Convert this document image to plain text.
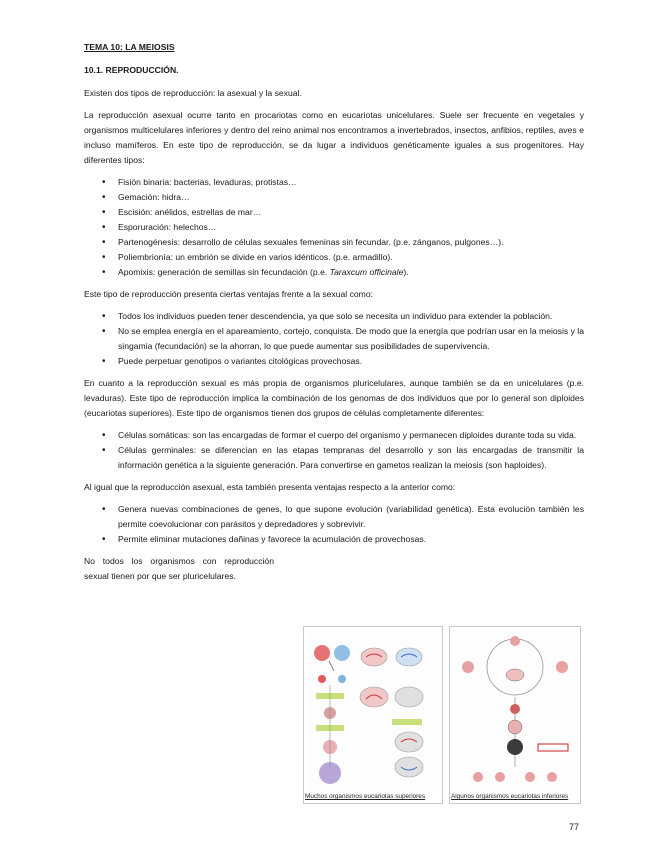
TEMA 10: LA MEIOSIS
10.1. REPRODUCCIÓN.

Existen dos tipos de reproducción: la asexual y la sexual.

La reproducción asexual ocurre tanto en procariotas como en eucariotas unicelulares. Suele ser frecuente en vegetales y organismos multicelulares inferiores y dentro del reino animal nos encontramos a invertebrados, insectos, anfibios, reptiles, aves e incluso mamíferos. En este tipo de reproducción, se da lugar a individuos genéticamente iguales a sus progenitores. Hay diferentes tipos:

• Fisión binaria: bacterias, levaduras, protistas…
• Gemación: hidra…
• Escisión: anélidos, estrellas de mar…
• Esporuración: helechos…
• Partenogénesis: desarrollo de células sexuales femeninas sin fecundar. (p.e. zánganos, pulgones…).
• Poliembrionía: un embrión se divide en varios idénticos. (p.e. armadillo).
• Apomixis: generación de semillas sin fecundación (p.e. Taraxcum officinale).

Este tipo de reproducción presenta ciertas ventajas frente a la sexual como:

• Todos los individuos pueden tener descendencia, ya que solo se necesita un individuo para extender la población.
• No se emplea energía en el apareamiento, cortejo, conquista. De modo que la energía que podrían usar en la meiosis y la singamia (fecundación) se la ahorran, lo que puede aumentar sus posibilidades de supervivencia.
• Puede perpetuar genotipos o variantes citológicas provechosas.

En cuanto a la reproducción sexual es más propia de organismos pluricelulares, aunque también se da en unicelulares (p.e. levaduras). Este tipo de reproducción implica la combinación de los genomas de dos individuos que por lo general son diploides (eucariotas superiores). Este tipo de organismos tienen dos grupos de células completamente diferentes:

• Células somáticas: son las encargadas de formar el cuerpo del organismo y permanecen diploides durante toda su vida.
• Células germinales: se diferencian en las etapas tempranas del desarrollo y son las encargadas de transmitir la información genética a la siguiente generación. Para convertirse en gametos realizan la meiosis (son haploides).

Al igual que la reproducción asexual, esta también presenta ventajas respecto a la anterior como:

• Genera nuevas combinaciones de genes, lo que supone evolución (variabilidad genética). Esta evolución también les permite coevolucionar con parásitos y depredadores y sobrevivir.
• Permite eliminar mutaciones dañinas y favorece la acumulación de provechosas.

No todos los organismos con reproducción sexual tienen por que ser pluricelulares.

Muchos organismos eucariotas superiores	Algunos organismos eucariotas inferiores
77
